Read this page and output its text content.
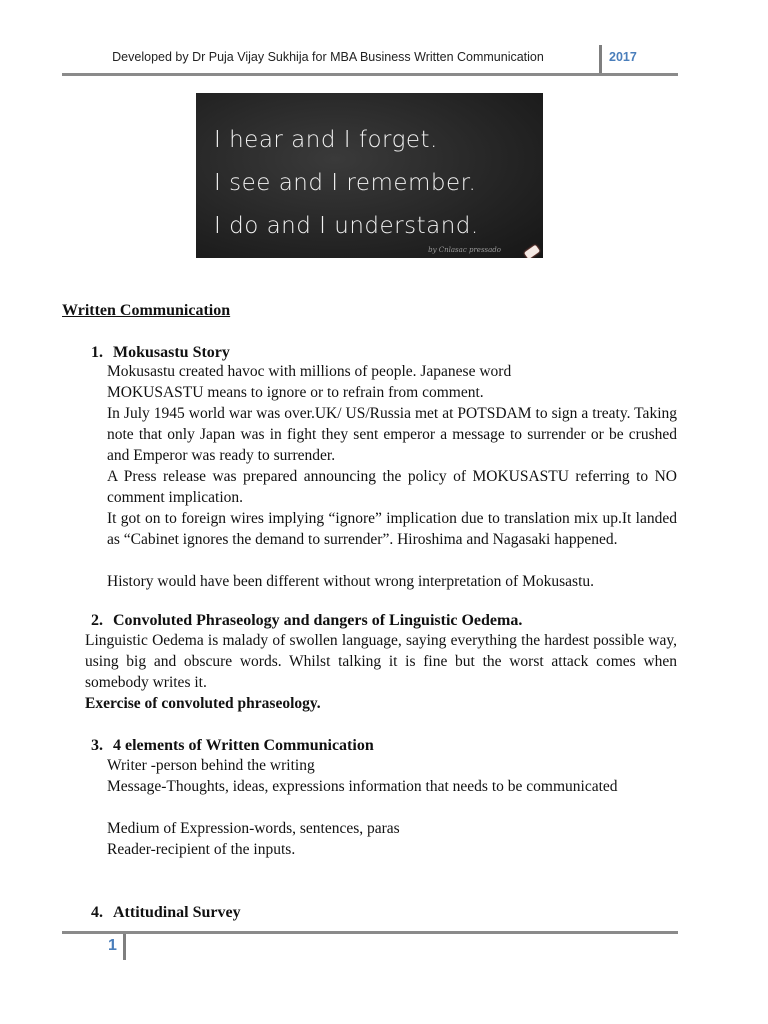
Developed by Dr Puja Vijay Sukhija for MBA Business Written Communication	2017
I hear and I forget.
I see and I remember.
I do and I understand.
by Cnlasac pressado
Written Communication
1. Mokusastu Story
Mokusastu created havoc with millions of people. Japanese word MOKUSASTU means to ignore or to refrain from comment.
In July 1945 world war was over.UK/ US/Russia met at POTSDAM to sign a treaty. Taking note that only Japan was in fight they sent emperor a message to surrender or be crushed and Emperor was ready to surrender.
A Press release was prepared announcing the policy of MOKUSASTU referring to NO comment implication.
It got on to foreign wires implying “ignore” implication due to translation mix up.It landed as “Cabinet ignores the demand to surrender”. Hiroshima and Nagasaki happened.
History would have been different without wrong interpretation of Mokusastu.
2. Convoluted Phraseology and dangers of Linguistic Oedema.
Linguistic Oedema is malady of swollen language, saying everything the hardest possible way, using big and obscure words. Whilst talking it is fine but the worst attack comes when somebody writes it.
Exercise of convoluted phraseology.
3. 4 elements of Written Communication
Writer -person behind the writing
Message-Thoughts, ideas, expressions information that needs to be communicated
Medium of Expression-words, sentences, paras
Reader-recipient of the inputs.
4. Attitudinal Survey
1
